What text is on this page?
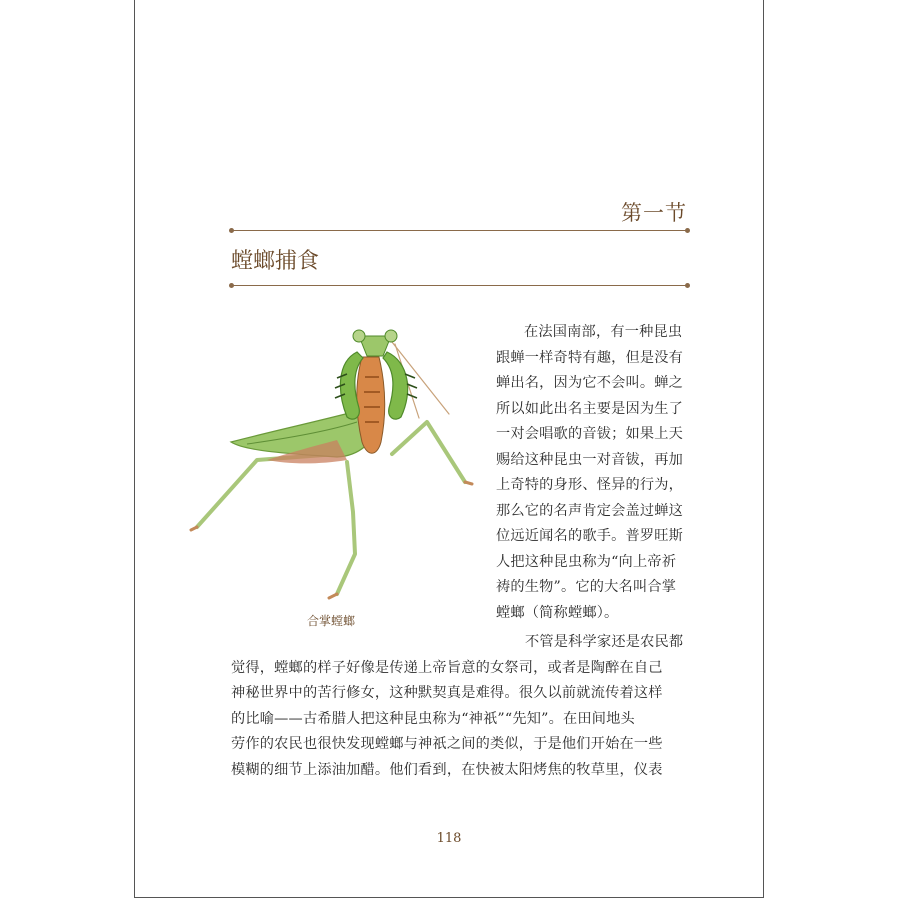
第一节
螳螂捕食
合掌螳螂
在法国南部，有一种昆虫
跟蝉一样奇特有趣，但是没有
蝉出名，因为它不会叫。蝉之
所以如此出名主要是因为生了
一对会唱歌的音钹；如果上天
赐给这种昆虫一对音钹，再加
上奇特的身形、怪异的行为，
那么它的名声肯定会盖过蝉这
位远近闻名的歌手。普罗旺斯
人把这种昆虫称为“向上帝祈
祷的生物”。它的大名叫合掌
螳螂（简称螳螂）。
不管是科学家还是农民都
觉得，螳螂的样子好像是传递上帝旨意的女祭司，或者是陶醉在自己
神秘世界中的苦行修女，这种默契真是难得。很久以前就流传着这样
的比喻——古希腊人把这种昆虫称为“神祇”“先知”。在田间地头
劳作的农民也很快发现螳螂与神祇之间的类似，于是他们开始在一些
模糊的细节上添油加醋。他们看到，在快被太阳烤焦的牧草里，仪表
118
